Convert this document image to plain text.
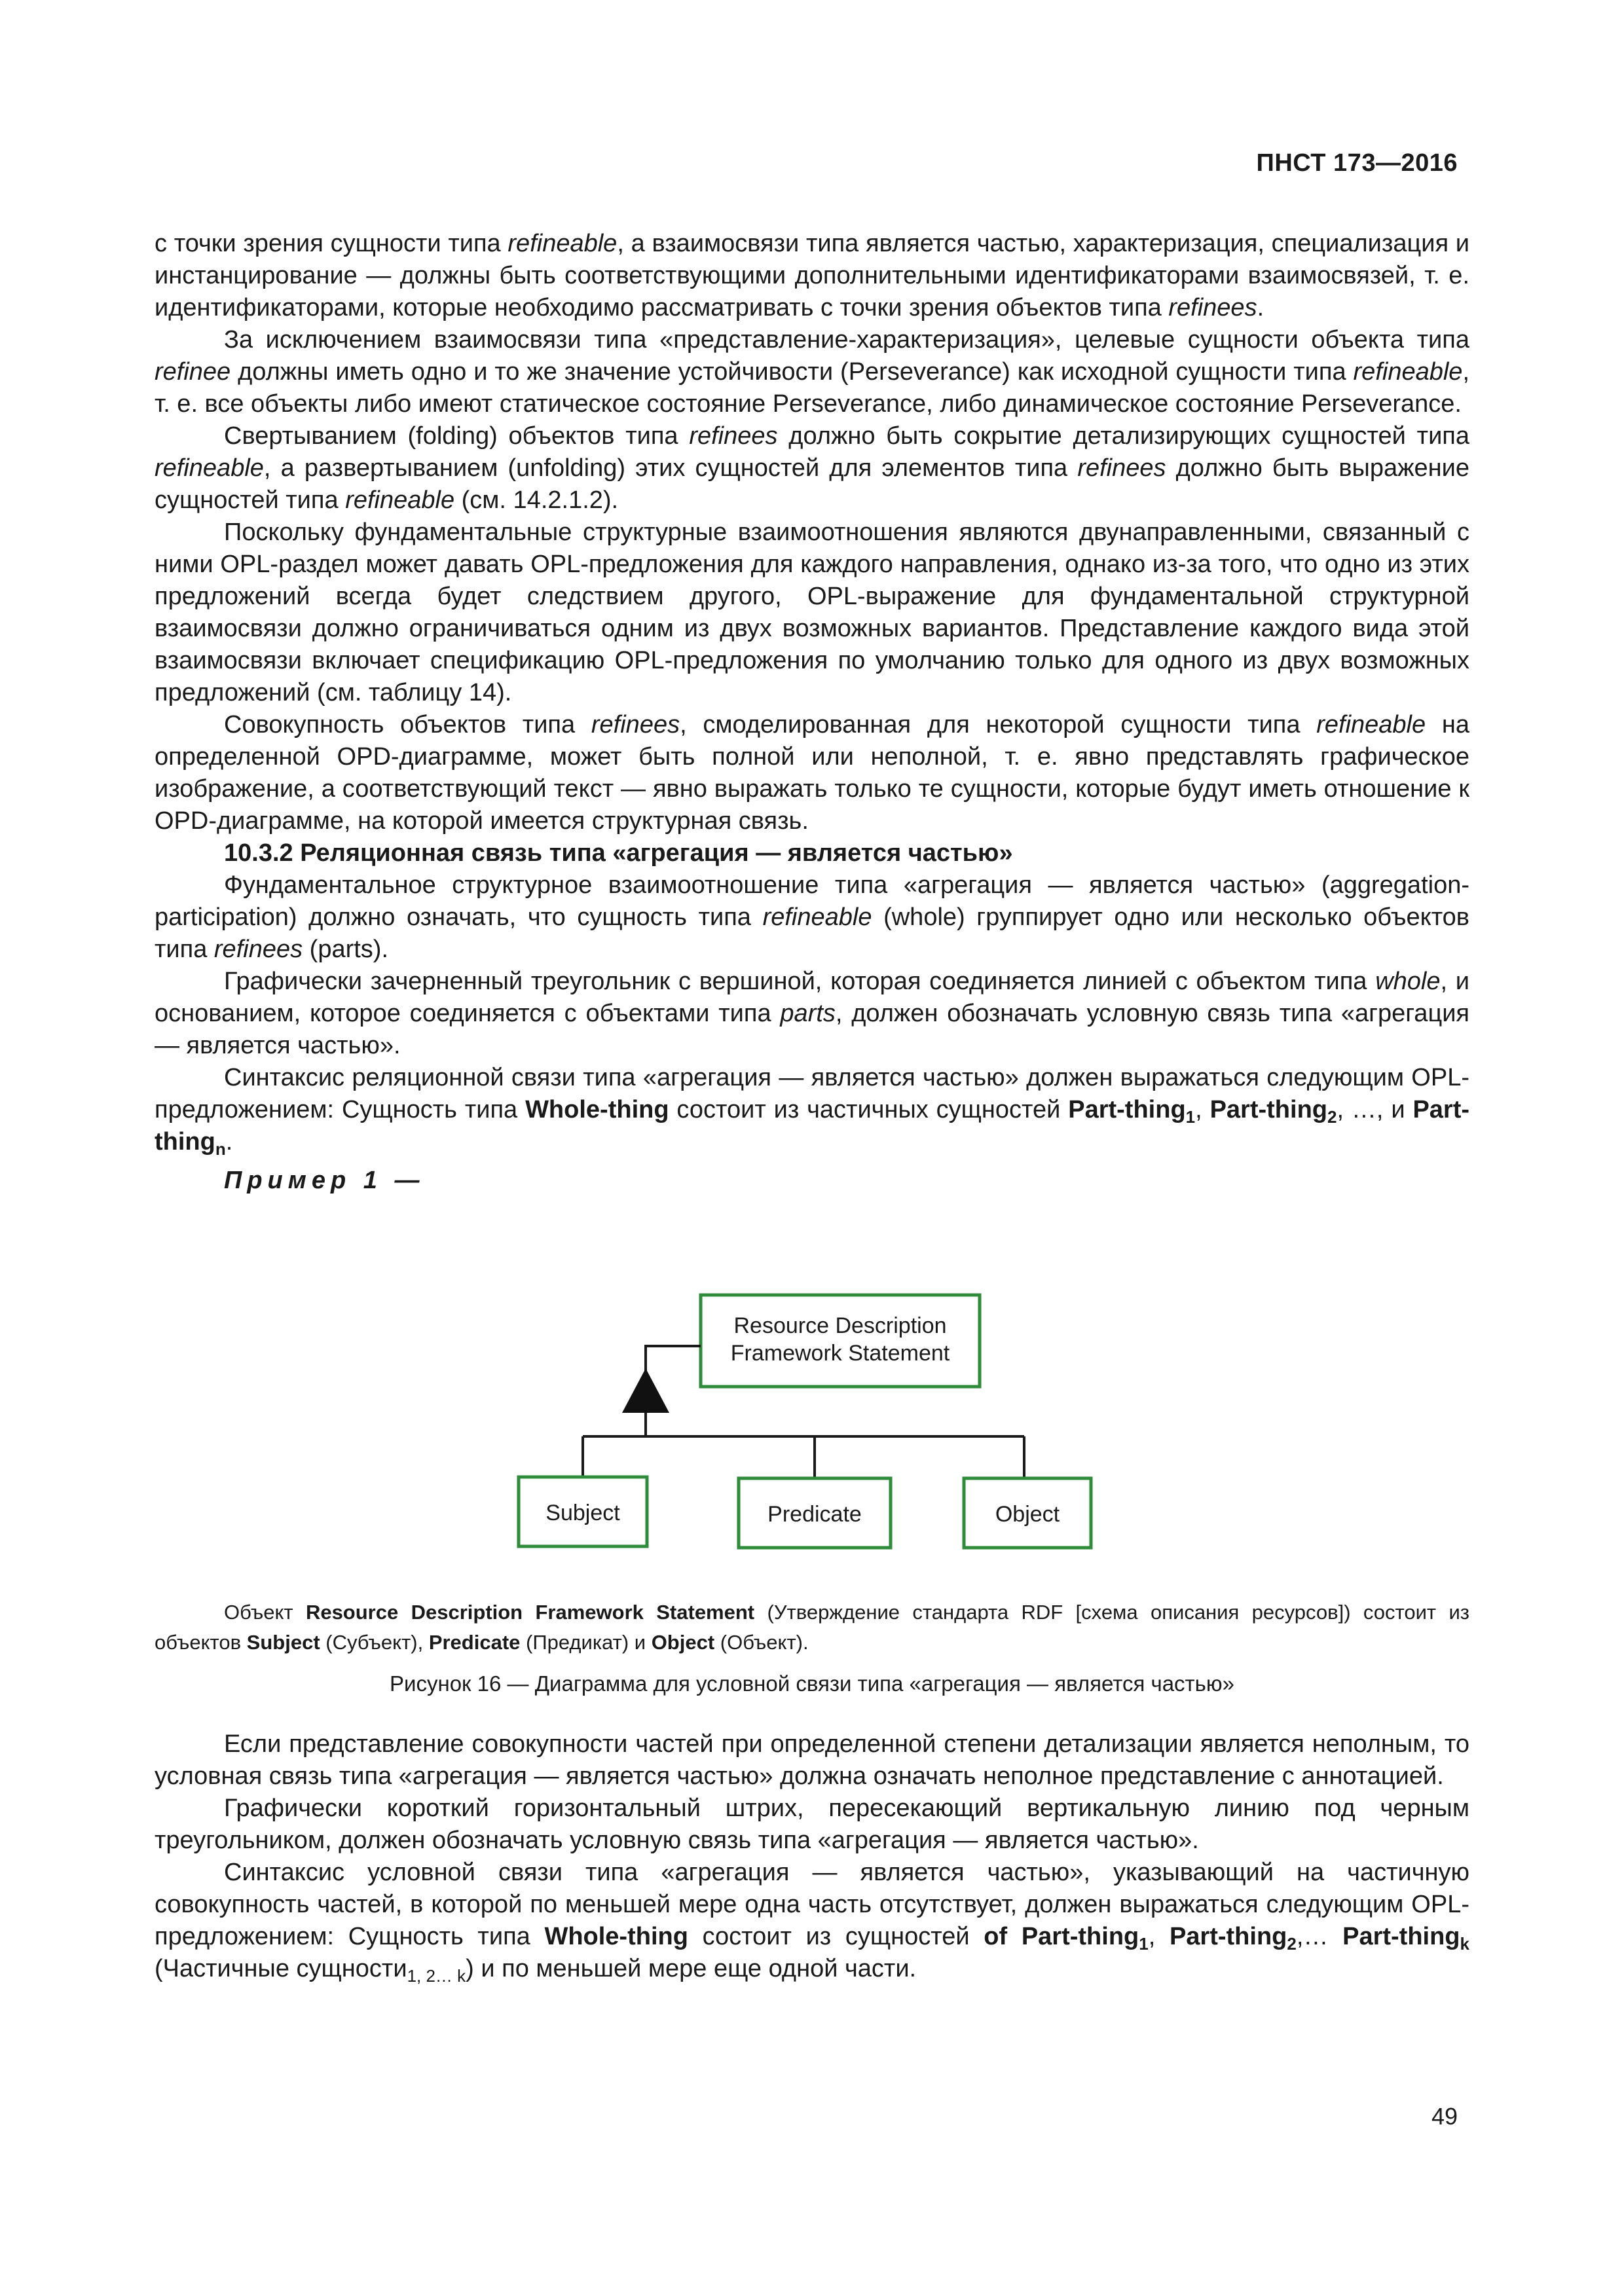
ПНСТ 173—2016

с точки зрения сущности типа refineable, а взаимосвязи типа является частью, характеризация, специализация и инстанцирование — должны быть соответствующими дополнительными идентификаторами взаимосвязей, т. е. идентификаторами, которые необходимо рассматривать с точки зрения объектов типа refinees.

За исключением взаимосвязи типа «представление-характеризация», целевые сущности объекта типа refinee должны иметь одно и то же значение устойчивости (Perseverance) как исходной сущности типа refineable, т. е. все объекты либо имеют статическое состояние Perseverance, либо динамическое состояние Perseverance.

Свертыванием (folding) объектов типа refinees должно быть сокрытие детализирующих сущностей типа refineable, а развертыванием (unfolding) этих сущностей для элементов типа refinees должно быть выражение сущностей типа refineable (см. 14.2.1.2).

Поскольку фундаментальные структурные взаимоотношения являются двунаправленными, связанный с ними OPL-раздел может давать OPL-предложения для каждого направления, однако из-за того, что одно из этих предложений всегда будет следствием другого, OPL-выражение для фундаментальной структурной взаимосвязи должно ограничиваться одним из двух возможных вариантов. Представление каждого вида этой взаимосвязи включает спецификацию OPL-предложения по умолчанию только для одного из двух возможных предложений (см. таблицу 14).

Совокупность объектов типа refinees, смоделированная для некоторой сущности типа refineable на определенной OPD-диаграмме, может быть полной или неполной, т. е. явно представлять графическое изображение, а соответствующий текст — явно выражать только те сущности, которые будут иметь отношение к OPD-диаграмме, на которой имеется структурная связь.

10.3.2 Реляционная связь типа «агрегация — является частью»

Фундаментальное структурное взаимоотношение типа «агрегация — является частью» (aggregation-participation) должно означать, что сущность типа refineable (whole) группирует одно или несколько объектов типа refinees (parts).

Графически зачерненный треугольник с вершиной, которая соединяется линией с объектом типа whole, и основанием, которое соединяется с объектами типа parts, должен обозначать условную связь типа «агрегация — является частью».

Синтаксис реляционной связи типа «агрегация — является частью» должен выражаться следующим OPL-предложением: Сущность типа Whole-thing состоит из частичных сущностей Part-thing$_1$, Part-thing$_2$, …, и Part-thing$_n$.

Пример 1 —

Resource Description
Framework Statement
Subject	Predicate	Object

Объект Resource Description Framework Statement (Утверждение стандарта RDF [схема описания ресурсов]) состоит из объектов Subject (Субъект), Predicate (Предикат) и Object (Объект).

Рисунок 16 — Диаграмма для условной связи типа «агрегация — является частью»

Если представление совокупности частей при определенной степени детализации является неполным, то условная связь типа «агрегация — является частью» должна означать неполное представление с аннотацией.

Графически короткий горизонтальный штрих, пересекающий вертикальную линию под черным треугольником, должен обозначать условную связь типа «агрегация — является частью».

Синтаксис условной связи типа «агрегация — является частью», указывающий на частичную совокупность частей, в которой по меньшей мере одна часть отсутствует, должен выражаться следующим OPL-предложением: Сущность типа Whole-thing состоит из сущностей of Part-thing$_1$, Part-thing$_2$,… Part-thing$_k$ (Частичные сущности$_{1, 2\dots k}$) и по меньшей мере еще одной части.

49
